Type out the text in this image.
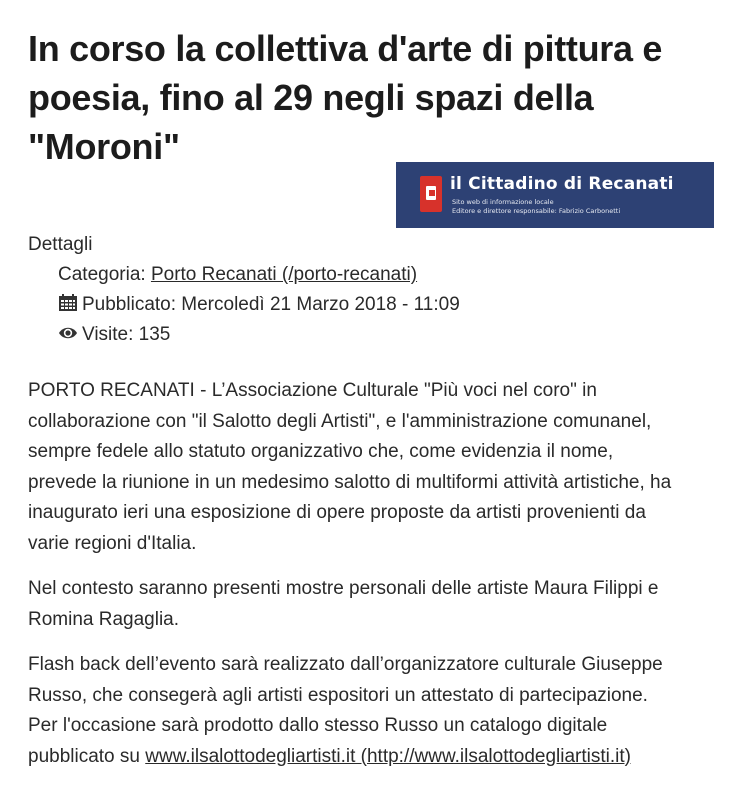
In corso la collettiva d'arte di pittura e
poesia, fino al 29 negli spazi della
"Moroni"
il Cittadino di Recanati
Sito web di informazione locale
Editore e direttore responsabile: Fabrizio Carbonetti
Dettagli
Categoria: Porto Recanati (/porto-recanati)
Pubblicato: Mercoledì 21 Marzo 2018 - 11:09
Visite: 135

PORTO RECANATI - L’Associazione Culturale "Più voci nel coro" in
collaborazione con "il Salotto degli Artisti", e l'amministrazione comunanel,
sempre fedele allo statuto organizzativo che, come evidenzia il nome,
prevede la riunione in un medesimo salotto di multiformi attività artistiche, ha
inaugurato ieri una esposizione di opere proposte da artisti provenienti da
varie regioni d'Italia.

Nel contesto saranno presenti mostre personali delle artiste Maura Filippi e
Romina Ragaglia.

Flash back dell’evento sarà realizzato dall’organizzatore culturale Giuseppe
Russo, che consegerà agli artisti espositori un attestato di partecipazione.
Per l'occasione sarà prodotto dallo stesso Russo un catalogo digitale
pubblicato su www.ilsalottodegliartisti.it (http://www.ilsalottodegliartisti.it)
